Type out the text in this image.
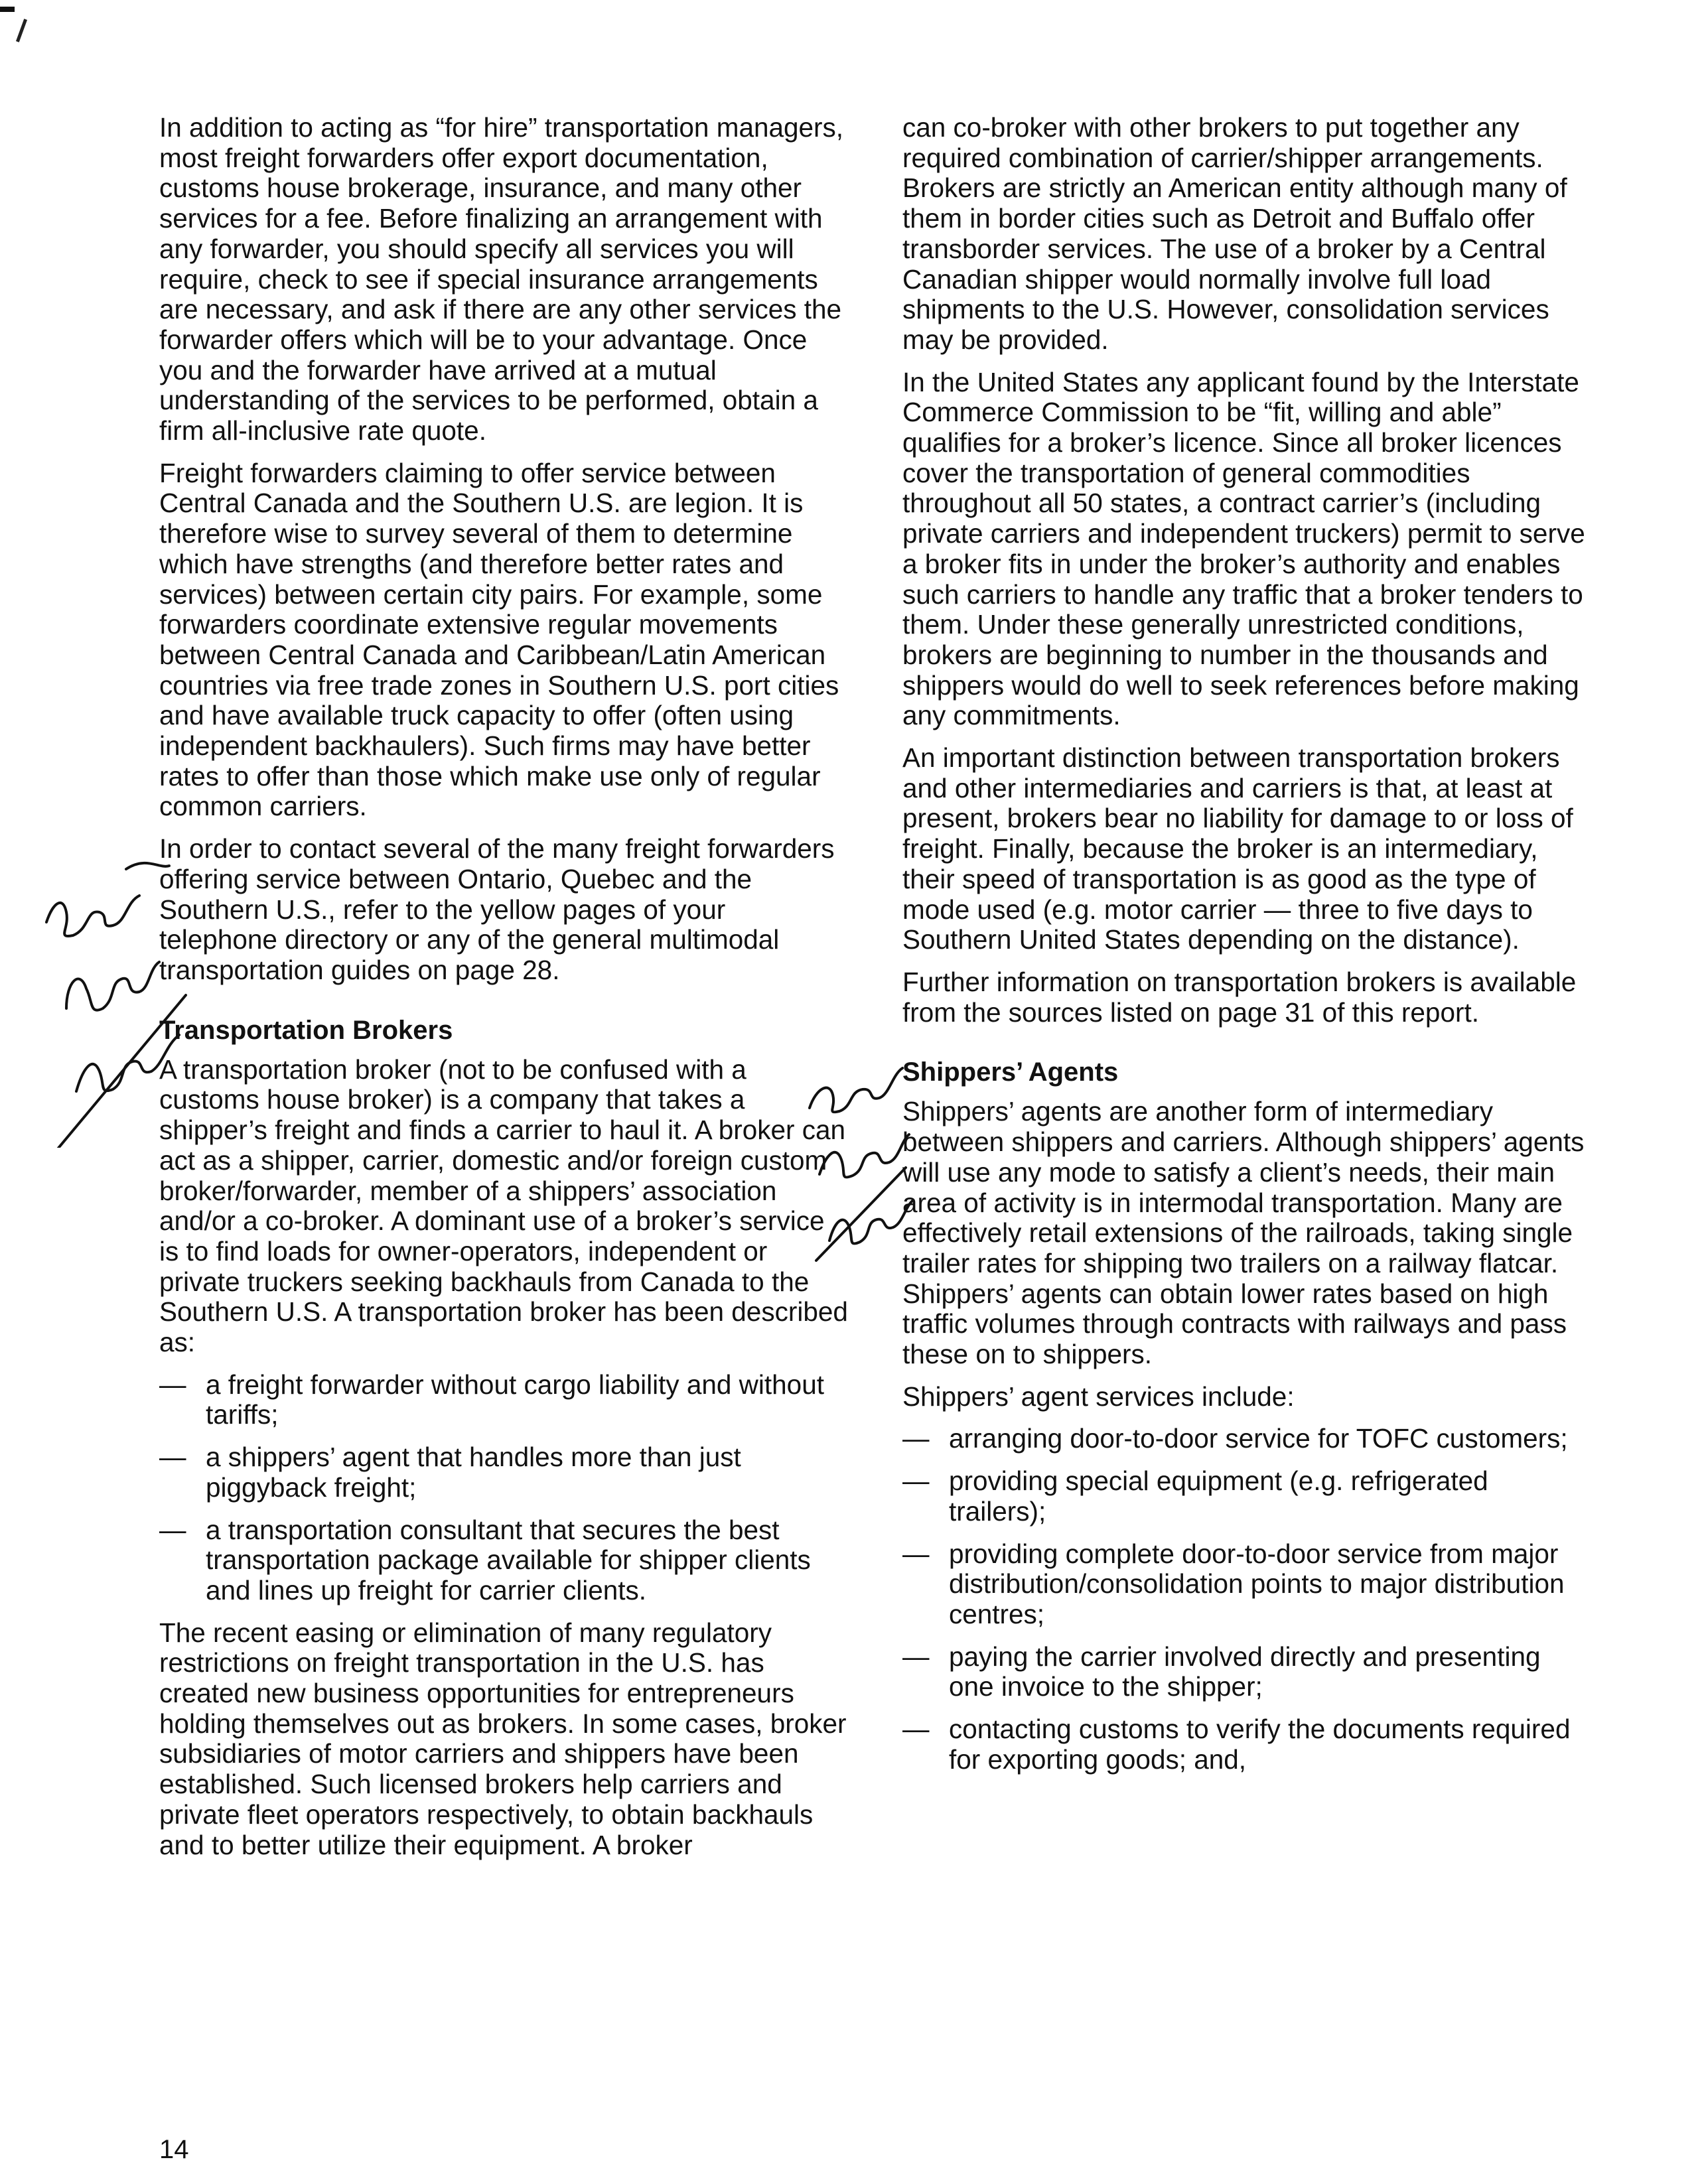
In addition to acting as “for hire” transportation managers, most freight forwarders offer export documentation, customs house brokerage, insurance, and many other services for a fee. Before finalizing an arrangement with any forwarder, you should specify all services you will require, check to see if special insurance arrangements are necessary, and ask if there are any other services the forwarder offers which will be to your advantage. Once you and the forwarder have arrived at a mutual understanding of the services to be performed, obtain a firm all-inclusive rate quote.

Freight forwarders claiming to offer service between Central Canada and the Southern U.S. are legion. It is therefore wise to survey several of them to determine which have strengths (and therefore better rates and services) between certain city pairs. For example, some forwarders coordinate extensive regular movements between Central Canada and Caribbean/Latin American countries via free trade zones in Southern U.S. port cities and have available truck capacity to offer (often using independent backhaulers). Such firms may have better rates to offer than those which make use only of regular common carriers.

In order to contact several of the many freight forwarders offering service between Ontario, Quebec and the Southern U.S., refer to the yellow pages of your telephone directory or any of the general multimodal transportation guides on page 28.

Transportation Brokers

A transportation broker (not to be confused with a customs house broker) is a company that takes a shipper’s freight and finds a carrier to haul it. A broker can act as a shipper, carrier, domestic and/or foreign custom broker/forwarder, member of a shippers’ association and/or a co-broker. A dominant use of a broker’s service is to find loads for owner-operators, independent or private truckers seeking backhauls from Canada to the Southern U.S. A transportation broker has been described as:

— a freight forwarder without cargo liability and without tariffs;
— a shippers’ agent that handles more than just piggyback freight;
— a transportation consultant that secures the best transportation package available for shipper clients and lines up freight for carrier clients.

The recent easing or elimination of many regulatory restrictions on freight transportation in the U.S. has created new business opportunities for entrepreneurs holding themselves out as brokers. In some cases, broker subsidiaries of motor carriers and shippers have been established. Such licensed brokers help carriers and private fleet operators respectively, to obtain backhauls and to better utilize their equipment. A broker

can co-broker with other brokers to put together any required combination of carrier/shipper arrangements. Brokers are strictly an American entity although many of them in border cities such as Detroit and Buffalo offer transborder services. The use of a broker by a Central Canadian shipper would normally involve full load shipments to the U.S. However, consolidation services may be provided.

In the United States any applicant found by the Interstate Commerce Commission to be “fit, willing and able” qualifies for a broker’s licence. Since all broker licences cover the transportation of general commodities throughout all 50 states, a contract carrier’s (including private carriers and independent truckers) permit to serve a broker fits in under the broker’s authority and enables such carriers to handle any traffic that a broker tenders to them. Under these generally unrestricted conditions, brokers are beginning to number in the thousands and shippers would do well to seek references before making any commitments.

An important distinction between transportation brokers and other intermediaries and carriers is that, at least at present, brokers bear no liability for damage to or loss of freight. Finally, because the broker is an intermediary, their speed of transportation is as good as the type of mode used (e.g. motor carrier — three to five days to Southern United States depending on the distance).

Further information on transportation brokers is available from the sources listed on page 31 of this report.

Shippers’ Agents

Shippers’ agents are another form of intermediary between shippers and carriers. Although shippers’ agents will use any mode to satisfy a client’s needs, their main area of activity is in intermodal transportation. Many are effectively retail extensions of the railroads, taking single trailer rates for shipping two trailers on a railway flatcar. Shippers’ agents can obtain lower rates based on high traffic volumes through contracts with railways and pass these on to shippers.

Shippers’ agent services include:

— arranging door-to-door service for TOFC customers;
— providing special equipment (e.g. refrigerated trailers);
— providing complete door-to-door service from major distribution/consolidation points to major distribution centres;
— paying the carrier involved directly and presenting one invoice to the shipper;
— contacting customs to verify the documents required for exporting goods; and,
14
